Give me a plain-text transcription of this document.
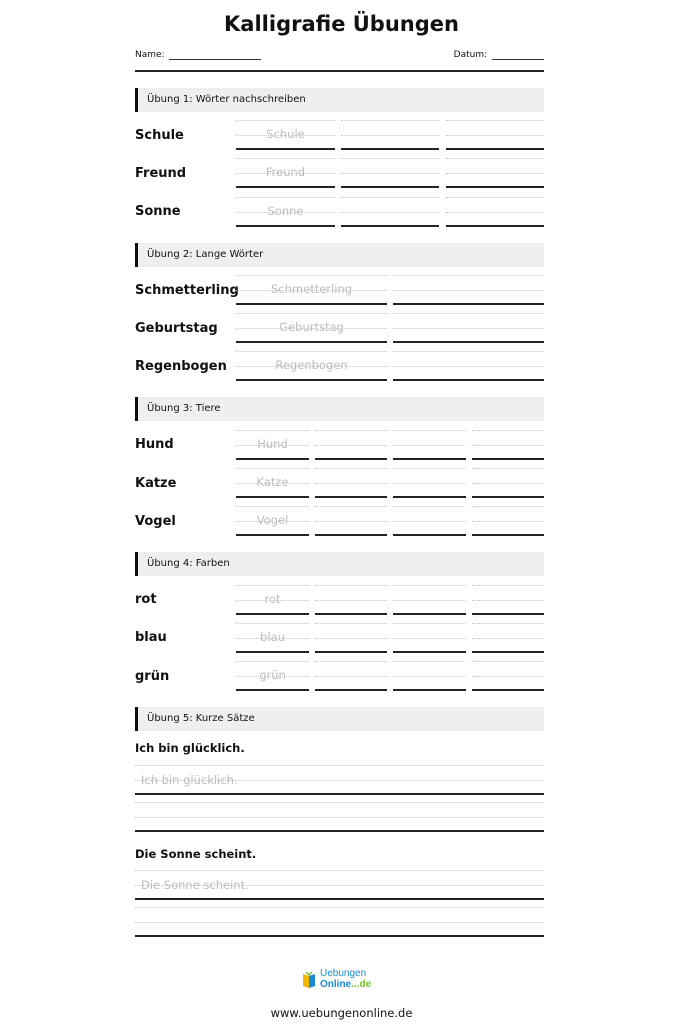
Kalligrafie Übungen
Name:	Datum:
Übung 1: Wörter nachschreiben
Schule	Schule
Freund	Freund
Sonne	Sonne
Übung 2: Lange Wörter
Schmetterling	Schmetterling
Geburtstag	Geburtstag
Regenbogen	Regenbogen
Übung 3: Tiere
Hund	Hund
Katze	Katze
Vogel	Vogel
Übung 4: Farben
rot	rot
blau	blau
grün	grün
Übung 5: Kurze Sätze
Ich bin glücklich.
Ich bin glücklich.
Die Sonne scheint.
Die Sonne scheint.
Uebungen
Online...de
www.uebungenonline.de
